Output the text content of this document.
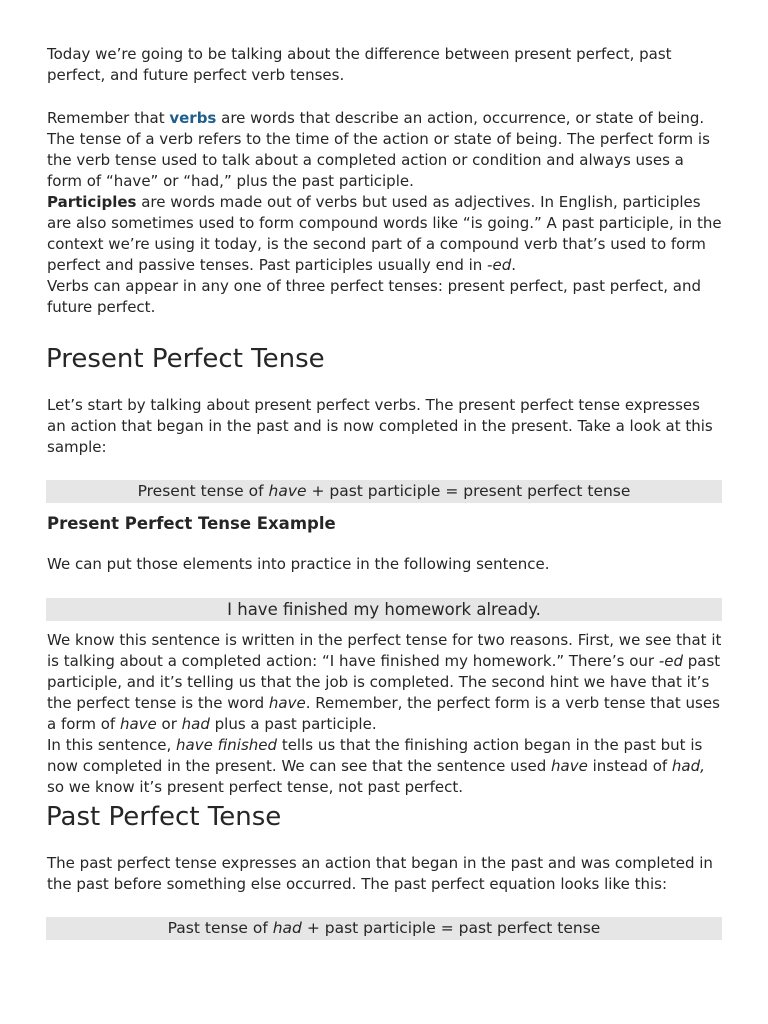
Today we’re going to be talking about the difference between present perfect, past perfect, and future perfect verb tenses.

Remember that verbs are words that describe an action, occurrence, or state of being. The tense of a verb refers to the time of the action or state of being. The perfect form is the verb tense used to talk about a completed action or condition and always uses a form of “have” or “had,” plus the past participle.

Participles are words made out of verbs but used as adjectives. In English, participles are also sometimes used to form compound words like “is going.” A past participle, in the context we’re using it today, is the second part of a compound verb that’s used to form perfect and passive tenses. Past participles usually end in -ed.

Verbs can appear in any one of three perfect tenses: present perfect, past perfect, and future perfect.

Present Perfect Tense

Let’s start by talking about present perfect verbs. The present perfect tense expresses an action that began in the past and is now completed in the present. Take a look at this sample:

Present tense of have + past participle = present perfect tense
Present Perfect Tense Example

We can put those elements into practice in the following sentence.

I have finished my homework already.

We know this sentence is written in the perfect tense for two reasons. First, we see that it is talking about a completed action: “I have finished my homework.” There’s our -ed past participle, and it’s telling us that the job is completed. The second hint we have that it’s the perfect tense is the word have. Remember, the perfect form is a verb tense that uses a form of have or had plus a past participle.

In this sentence, have finished tells us that the finishing action began in the past but is now completed in the present. We can see that the sentence used have instead of had, so we know it’s present perfect tense, not past perfect.

Past Perfect Tense

The past perfect tense expresses an action that began in the past and was completed in the past before something else occurred. The past perfect equation looks like this:

Past tense of had + past participle = past perfect tense
